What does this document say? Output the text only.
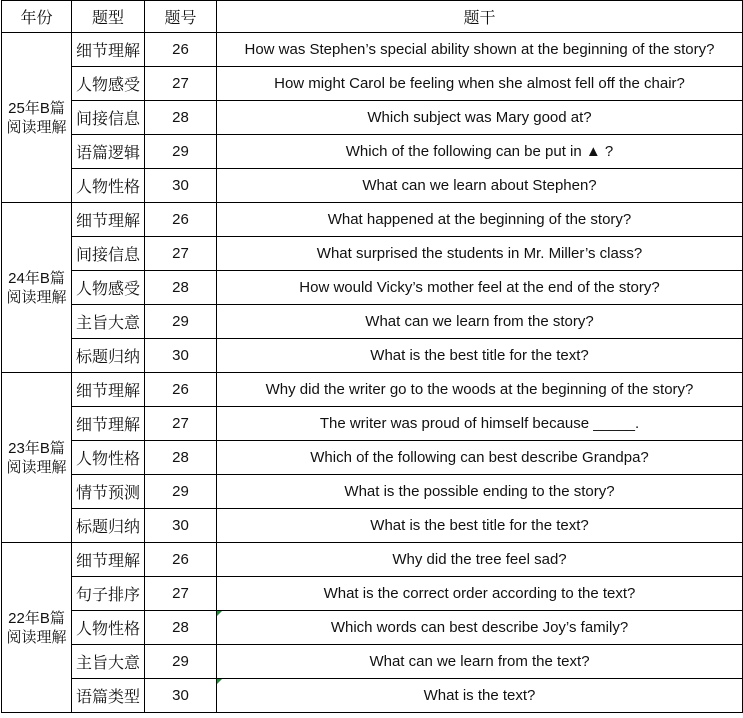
年份	题型	题号	题干
25年B篇阅读理解	细节理解	26	How was Stephen’s special ability shown at the beginning of the story?
	人物感受	27	How might Carol be feeling when she almost fell off the chair?
	间接信息	28	Which subject was Mary good at?
	语篇逻辑	29	Which of the following can be put in ▲ ?
	人物性格	30	What can we learn about Stephen?
24年B篇阅读理解	细节理解	26	What happened at the beginning of the story?
	间接信息	27	What surprised the students in Mr. Miller’s class?
	人物感受	28	How would Vicky’s mother feel at the end of the story?
	主旨大意	29	What can we learn from the story?
	标题归纳	30	What is the best title for the text?
23年B篇阅读理解	细节理解	26	Why did the writer go to the woods at the beginning of the story?
	细节理解	27	The writer was proud of himself because _____.
	人物性格	28	Which of the following can best describe Grandpa?
	情节预测	29	What is the possible ending to the story?
	标题归纳	30	What is the best title for the text?
22年B篇阅读理解	细节理解	26	Why did the tree feel sad?
	句子排序	27	What is the correct order according to the text?
	人物性格	28	Which words can best describe Joy’s family?
	主旨大意	29	What can we learn from the text?
	语篇类型	30	What is the text?
